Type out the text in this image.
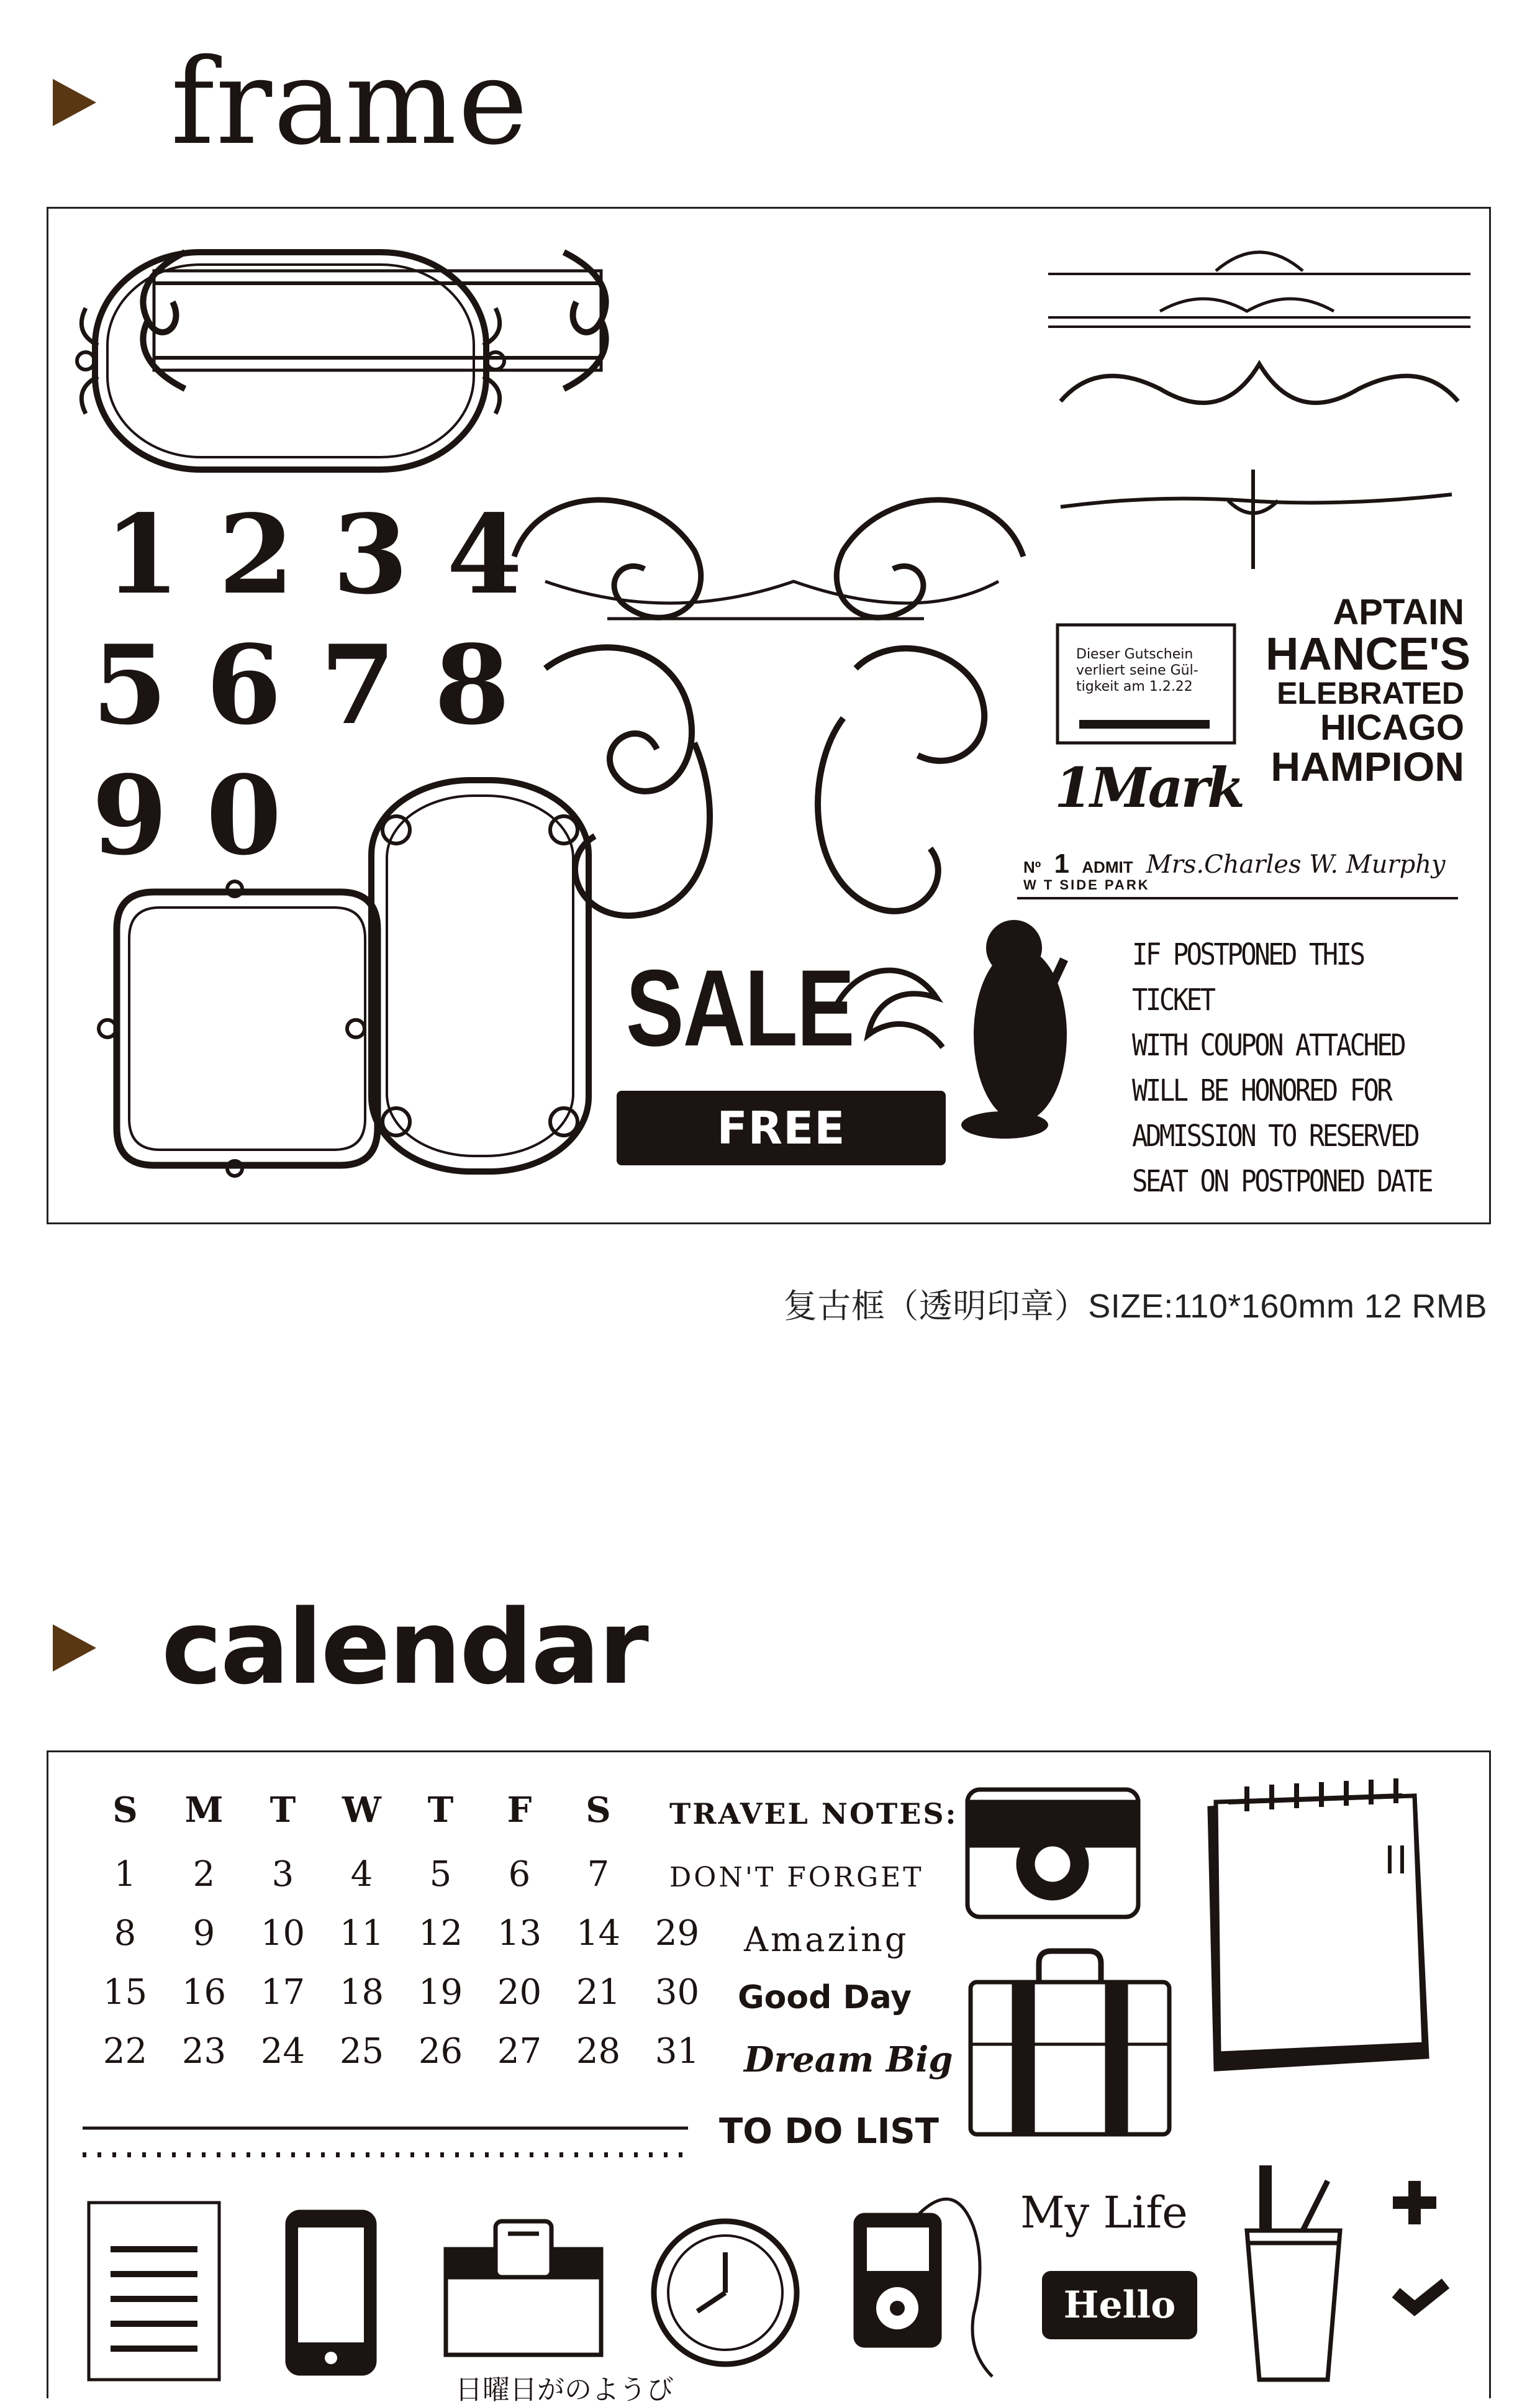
frame
1 2 3 4
5 6 7 8
9 0
Dieser Gutschein
verliert seine Gül-
tigkeit am 1.2.22
1Mark
APTAIN
HANCE'S
ELEBRATED
HICAGO
HAMPION
Nº 1 ADMIT Mrs.Charles W. Murphy
W T SIDE PARK
SALE
FREE ENTRY!
IF POSTPONED THIS TICKET
WITH COUPON ATTACHED
WILL BE HONORED FOR
ADMISSION TO RESERVED
SEAT ON POSTPONED DATE
复古框（透明印章）SIZE:110*160mm 12 RMB
calendar
S	M	T	W	T	F	S
1	2	3	4	5	6	7
8	9	10 11 12 13 14 29
15 16 17 18 19 20 21 30
22 23 24 25 26 27 28 31
TRAVEL NOTES:
DON'T FORGET
Amazing
Good Day
Dream Big
TO DO LIST
My Life
Hello
日曜日がのようび
